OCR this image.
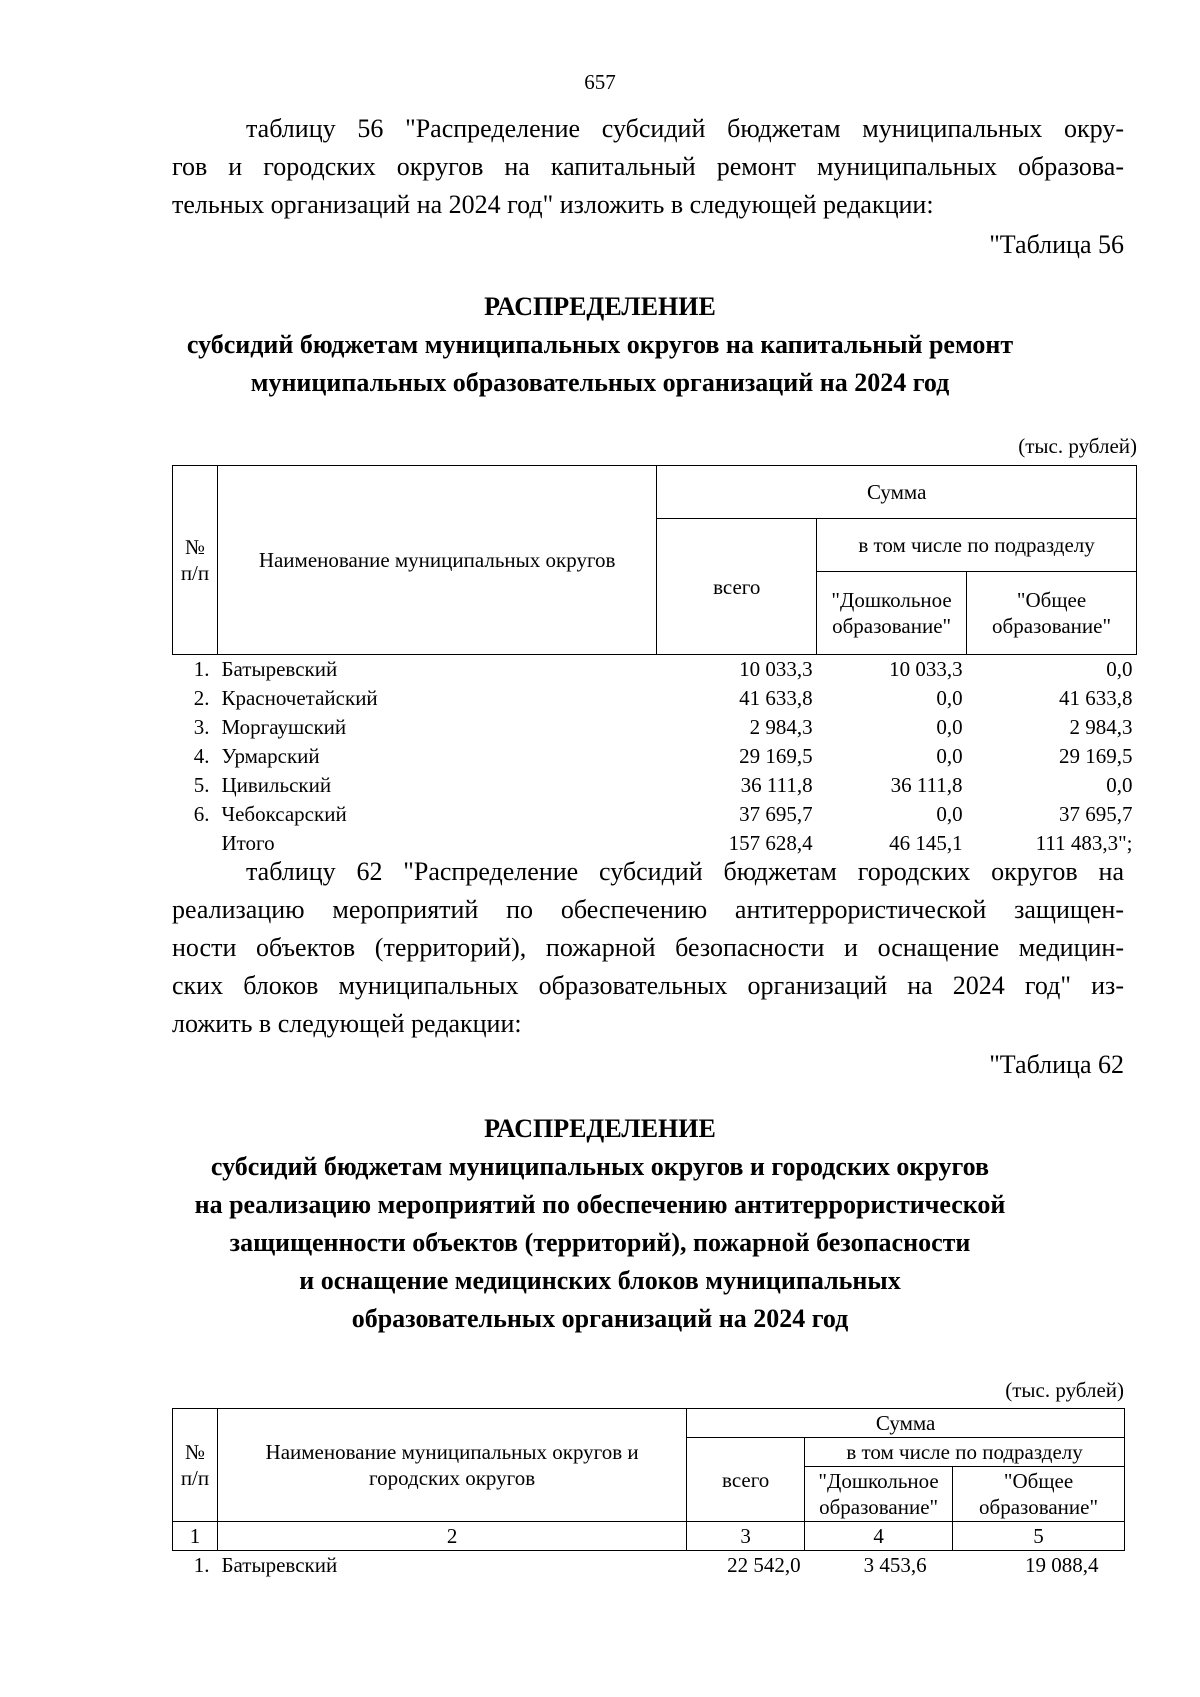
657
таблицу 56 "Распределение субсидий бюджетам муниципальных окру-
гов и городских округов на капитальный ремонт муниципальных образова-
тельных организаций на 2024 год" изложить в следующей редакции:
"Таблица 56
РАСПРЕДЕЛЕНИЕ
субсидий бюджетам муниципальных округов на капитальный ремонт
муниципальных образовательных организаций на 2024 год
(тыс. рублей)
№ п/п	Наименование муниципальных округов	Сумма		
		всего	в том числе по подразделу	
			"Дошкольное образование"	"Общее образование"
1.	Батыревский	10 033,3	10 033,3	0,0
2.	Красночетайский	41 633,8	0,0	41 633,8
3.	Моргаушский	2 984,3	0,0	2 984,3
4.	Урмарский	29 169,5	0,0	29 169,5
5.	Цивильский	36 111,8	36 111,8	0,0
6.	Чебоксарский	37 695,7	0,0	37 695,7
	Итого	157 628,4	46 145,1	111 483,3";
таблицу 62 "Распределение субсидий бюджетам городских округов на
реализацию мероприятий по обеспечению антитеррористической защищен-
ности объектов (территорий), пожарной безопасности и оснащение медицин-
ских блоков муниципальных образовательных организаций на 2024 год" из-
ложить в следующей редакции:
"Таблица 62
РАСПРЕДЕЛЕНИЕ
субсидий бюджетам муниципальных округов и городских округов
на реализацию мероприятий по обеспечению антитеррористической
защищенности объектов (территорий), пожарной безопасности
и оснащение медицинских блоков муниципальных
образовательных организаций на 2024 год
(тыс. рублей)
№ п/п	Наименование муниципальных округов и городских округов	Сумма		
		всего	в том числе по подразделу	
			"Дошкольное образование"	"Общее образование"
1	2	3	4	5
1.	Батыревский	22 542,0	3 453,6	19 088,4
